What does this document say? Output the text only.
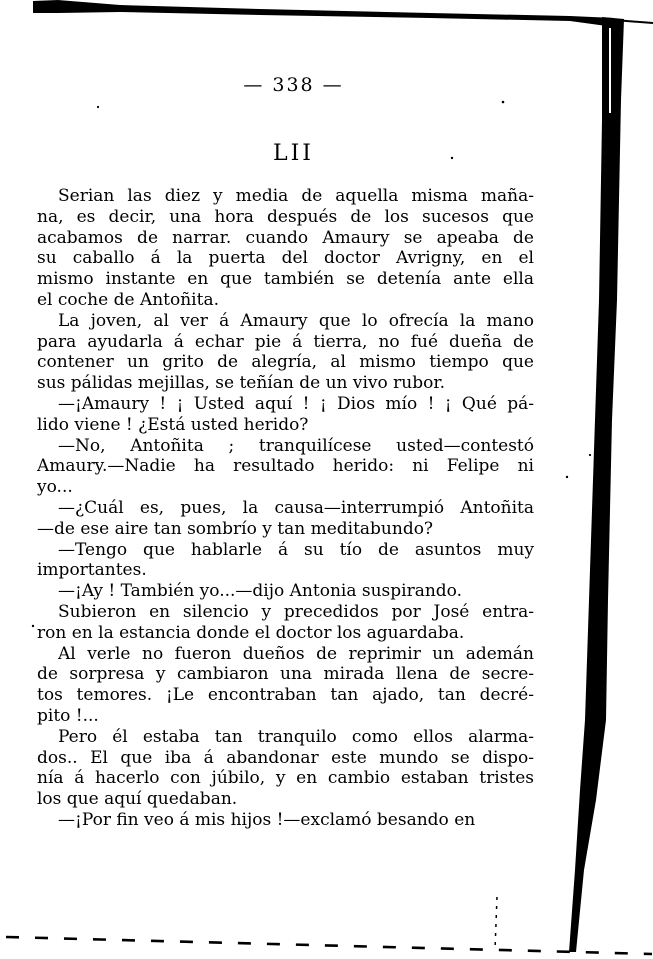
— 338 —
LII
Serian las diez y media de aquella misma maña-
na, es decir, una hora después de los sucesos que
acabamos de narrar. cuando Amaury se apeaba de
su caballo á la puerta del doctor Avrigny, en el
mismo instante en que también se detenía ante ella
el coche de Antoñita.
La joven, al ver á Amaury que lo ofrecía la mano
para ayudarla á echar pie á tierra, no fué dueña de
contener un grito de alegría, al mismo tiempo que
sus pálidas mejillas, se teñían de un vivo rubor.
—¡Amaury ! ¡ Usted aquí ! ¡ Dios mío ! ¡ Qué pá-
lido viene ! ¿Está usted herido?
—No, Antoñita ; tranquilícese usted—contestó
Amaury.—Nadie ha resultado herido: ni Felipe ni
yo...
—¿Cuál es, pues, la causa—interrumpió Antoñita
—de ese aire tan sombrío y tan meditabundo?
—Tengo que hablarle á su tío de asuntos muy
importantes.
—¡Ay ! También yo...—dijo Antonia suspirando.
Subieron en silencio y precedidos por José entra-
ron en la estancia donde el doctor los aguardaba.
Al verle no fueron dueños de reprimir un ademán
de sorpresa y cambiaron una mirada llena de secre-
tos temores. ¡Le encontraban tan ajado, tan decré-
pito !...
Pero él estaba tan tranquilo como ellos alarma-
dos.. El que iba á abandonar este mundo se dispo-
nía á hacerlo con júbilo, y en cambio estaban tristes
los que aquí quedaban.
—¡Por fin veo á mis hijos !—exclamó besando en
